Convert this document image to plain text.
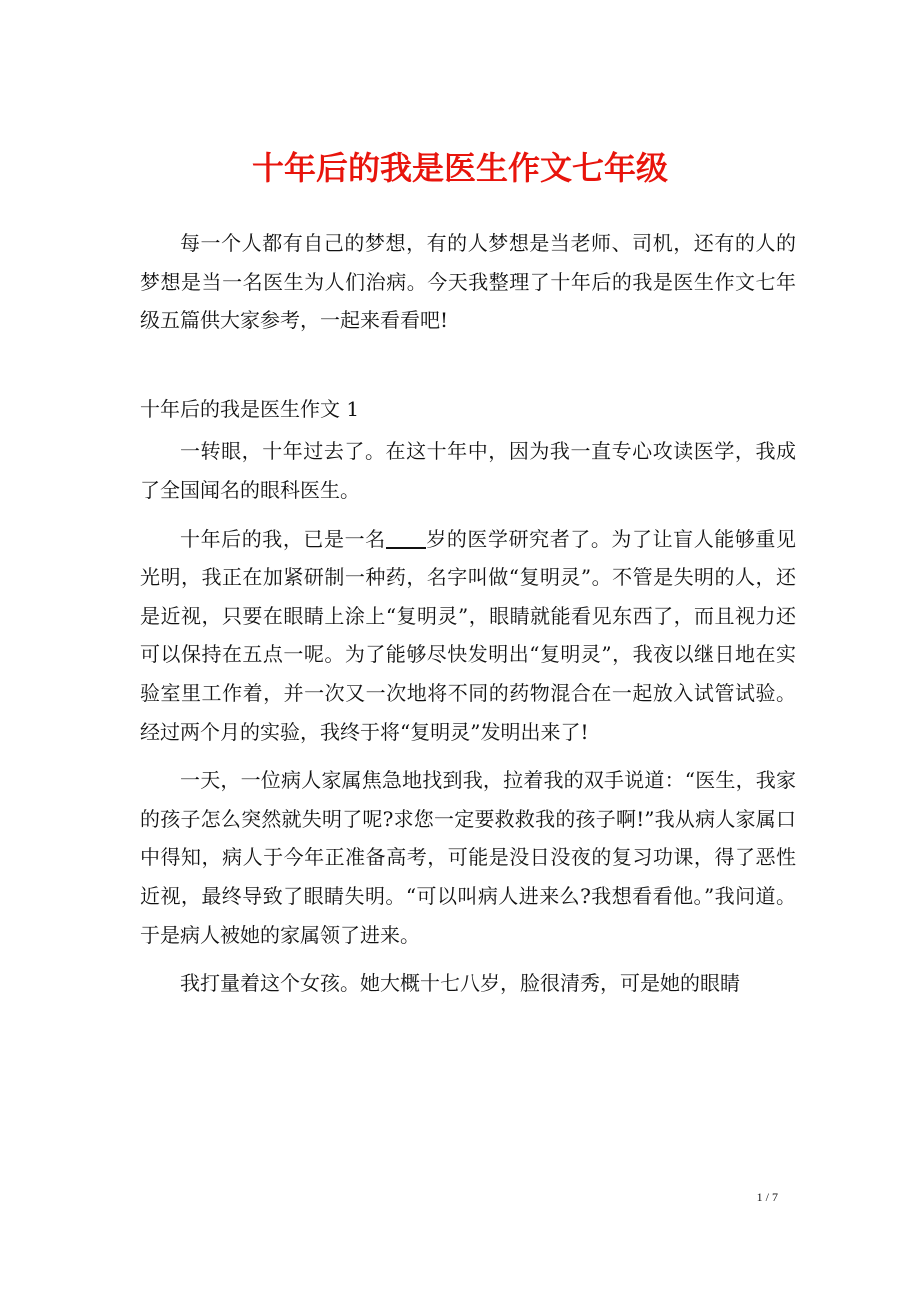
十年后的我是医生作文七年级

每一个人都有自己的梦想，有的人梦想是当老师、司机，还有的人的梦想是当一名医生为人们治病。今天我整理了十年后的我是医生作文七年级五篇供大家参考，一起来看看吧!

十年后的我是医生作文 1

一转眼，十年过去了。在这十年中，因为我一直专心攻读医学，我成了全国闻名的眼科医生。

十年后的我，已是一名 岁的医学研究者了。为了让盲人能够重见光明，我正在加紧研制一种药，名字叫做“复明灵”。不管是失明的人，还是近视，只要在眼睛上涂上“复明灵”，眼睛就能看见东西了，而且视力还可以保持在五点一呢。为了能够尽快发明出“复明灵”，我夜以继日地在实验室里工作着，并一次又一次地将不同的药物混合在一起放入试管试验。经过两个月的实验，我终于将“复明灵”发明出来了!

一天，一位病人家属焦急地找到我，拉着我的双手说道：“医生，我家的孩子怎么突然就失明了呢?求您一定要救救我的孩子啊!”我从病人家属口中得知，病人于今年正准备高考，可能是没日没夜的复习功课，得了恶性近视，最终导致了眼睛失明。“可以叫病人进来么?我想看看他。”我问道。于是病人被她的家属领了进来。

我打量着这个女孩。她大概十七八岁，脸很清秀，可是她的眼睛

1 / 7
